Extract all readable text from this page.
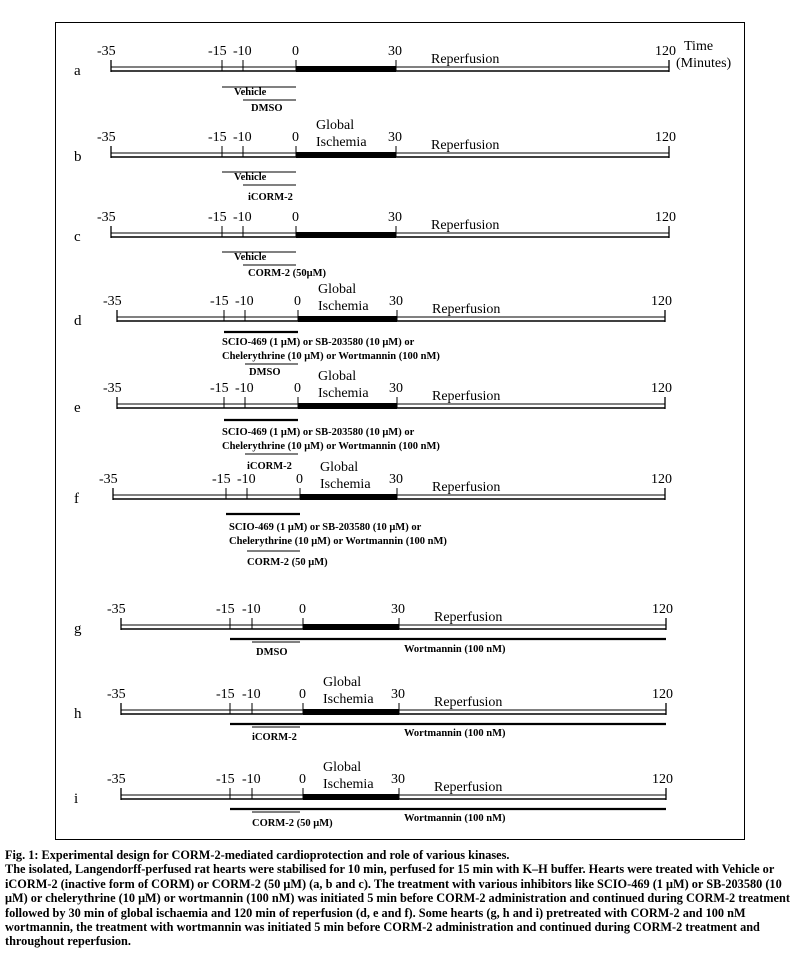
a
-35	-15 -10	0	30	120
Reperfusion
Vehicle
DMSO
b
-35	-15 -10	0	30	120
Reperfusion
Global
Ischemia
Vehicle
iCORM-2
c
-35	-15 -10	0	30	120
Reperfusion
Vehicle
CORM-2 (50μM)
d
-35	-15 -10	0	30	120
Reperfusion
Global
Ischemia
SCIO-469 (1 μM) or SB-203580 (10 μM) or
Chelerythrine (10 μM) or Wortmannin (100 nM)
DMSO
e
-35	-15 -10	0	30	120
Reperfusion
Global
Ischemia
SCIO-469 (1 μM) or SB-203580 (10 μM) or
Chelerythrine (10 μM) or Wortmannin (100 nM)
iCORM-2
f
-35	-15 -10	0	30	120
Reperfusion
Global
Ischemia
SCIO-469 (1 μM) or SB-203580 (10 μM) or
Chelerythrine (10 μM) or Wortmannin (100 nM)
CORM-2 (50 μM)
g
-35	-15 -10	0	30	120
Reperfusion
DMSO	Wortmannin (100 nM)
h
-35	-15 -10	0	30	120
Reperfusion
Global
Ischemia
iCORM-2	Wortmannin (100 nM)
i
-35	-15 -10	0	30	120
Reperfusion
Global
Ischemia
CORM-2 (50 μM)	Wortmannin (100 nM)
Time
(Minutes)
Fig. 1: Experimental design for CORM-2-mediated cardioprotection and role of various kinases.
The isolated, Langendorff-perfused rat hearts were stabilised for 10 min, perfused for 15 min with K–H buffer. Hearts were treated with Vehicle or iCORM-2 (inactive form of CORM) or CORM-2 (50 μM) (a, b and c). The treatment with various inhibitors like SCIO-469 (1 μM) or SB-203580 (10 μM) or chelerythrine (10 μM) or wortmannin (100 nM) was initiated 5 min before CORM-2 administration and continued during CORM-2 treatment followed by 30 min of global ischaemia and 120 min of reperfusion (d, e and f). Some hearts (g, h and i) pretreated with CORM-2 and 100 nM wortmannin, the treatment with wortmannin was initiated 5 min before CORM-2 administration and continued during CORM-2 treatment and throughout reperfusion.
